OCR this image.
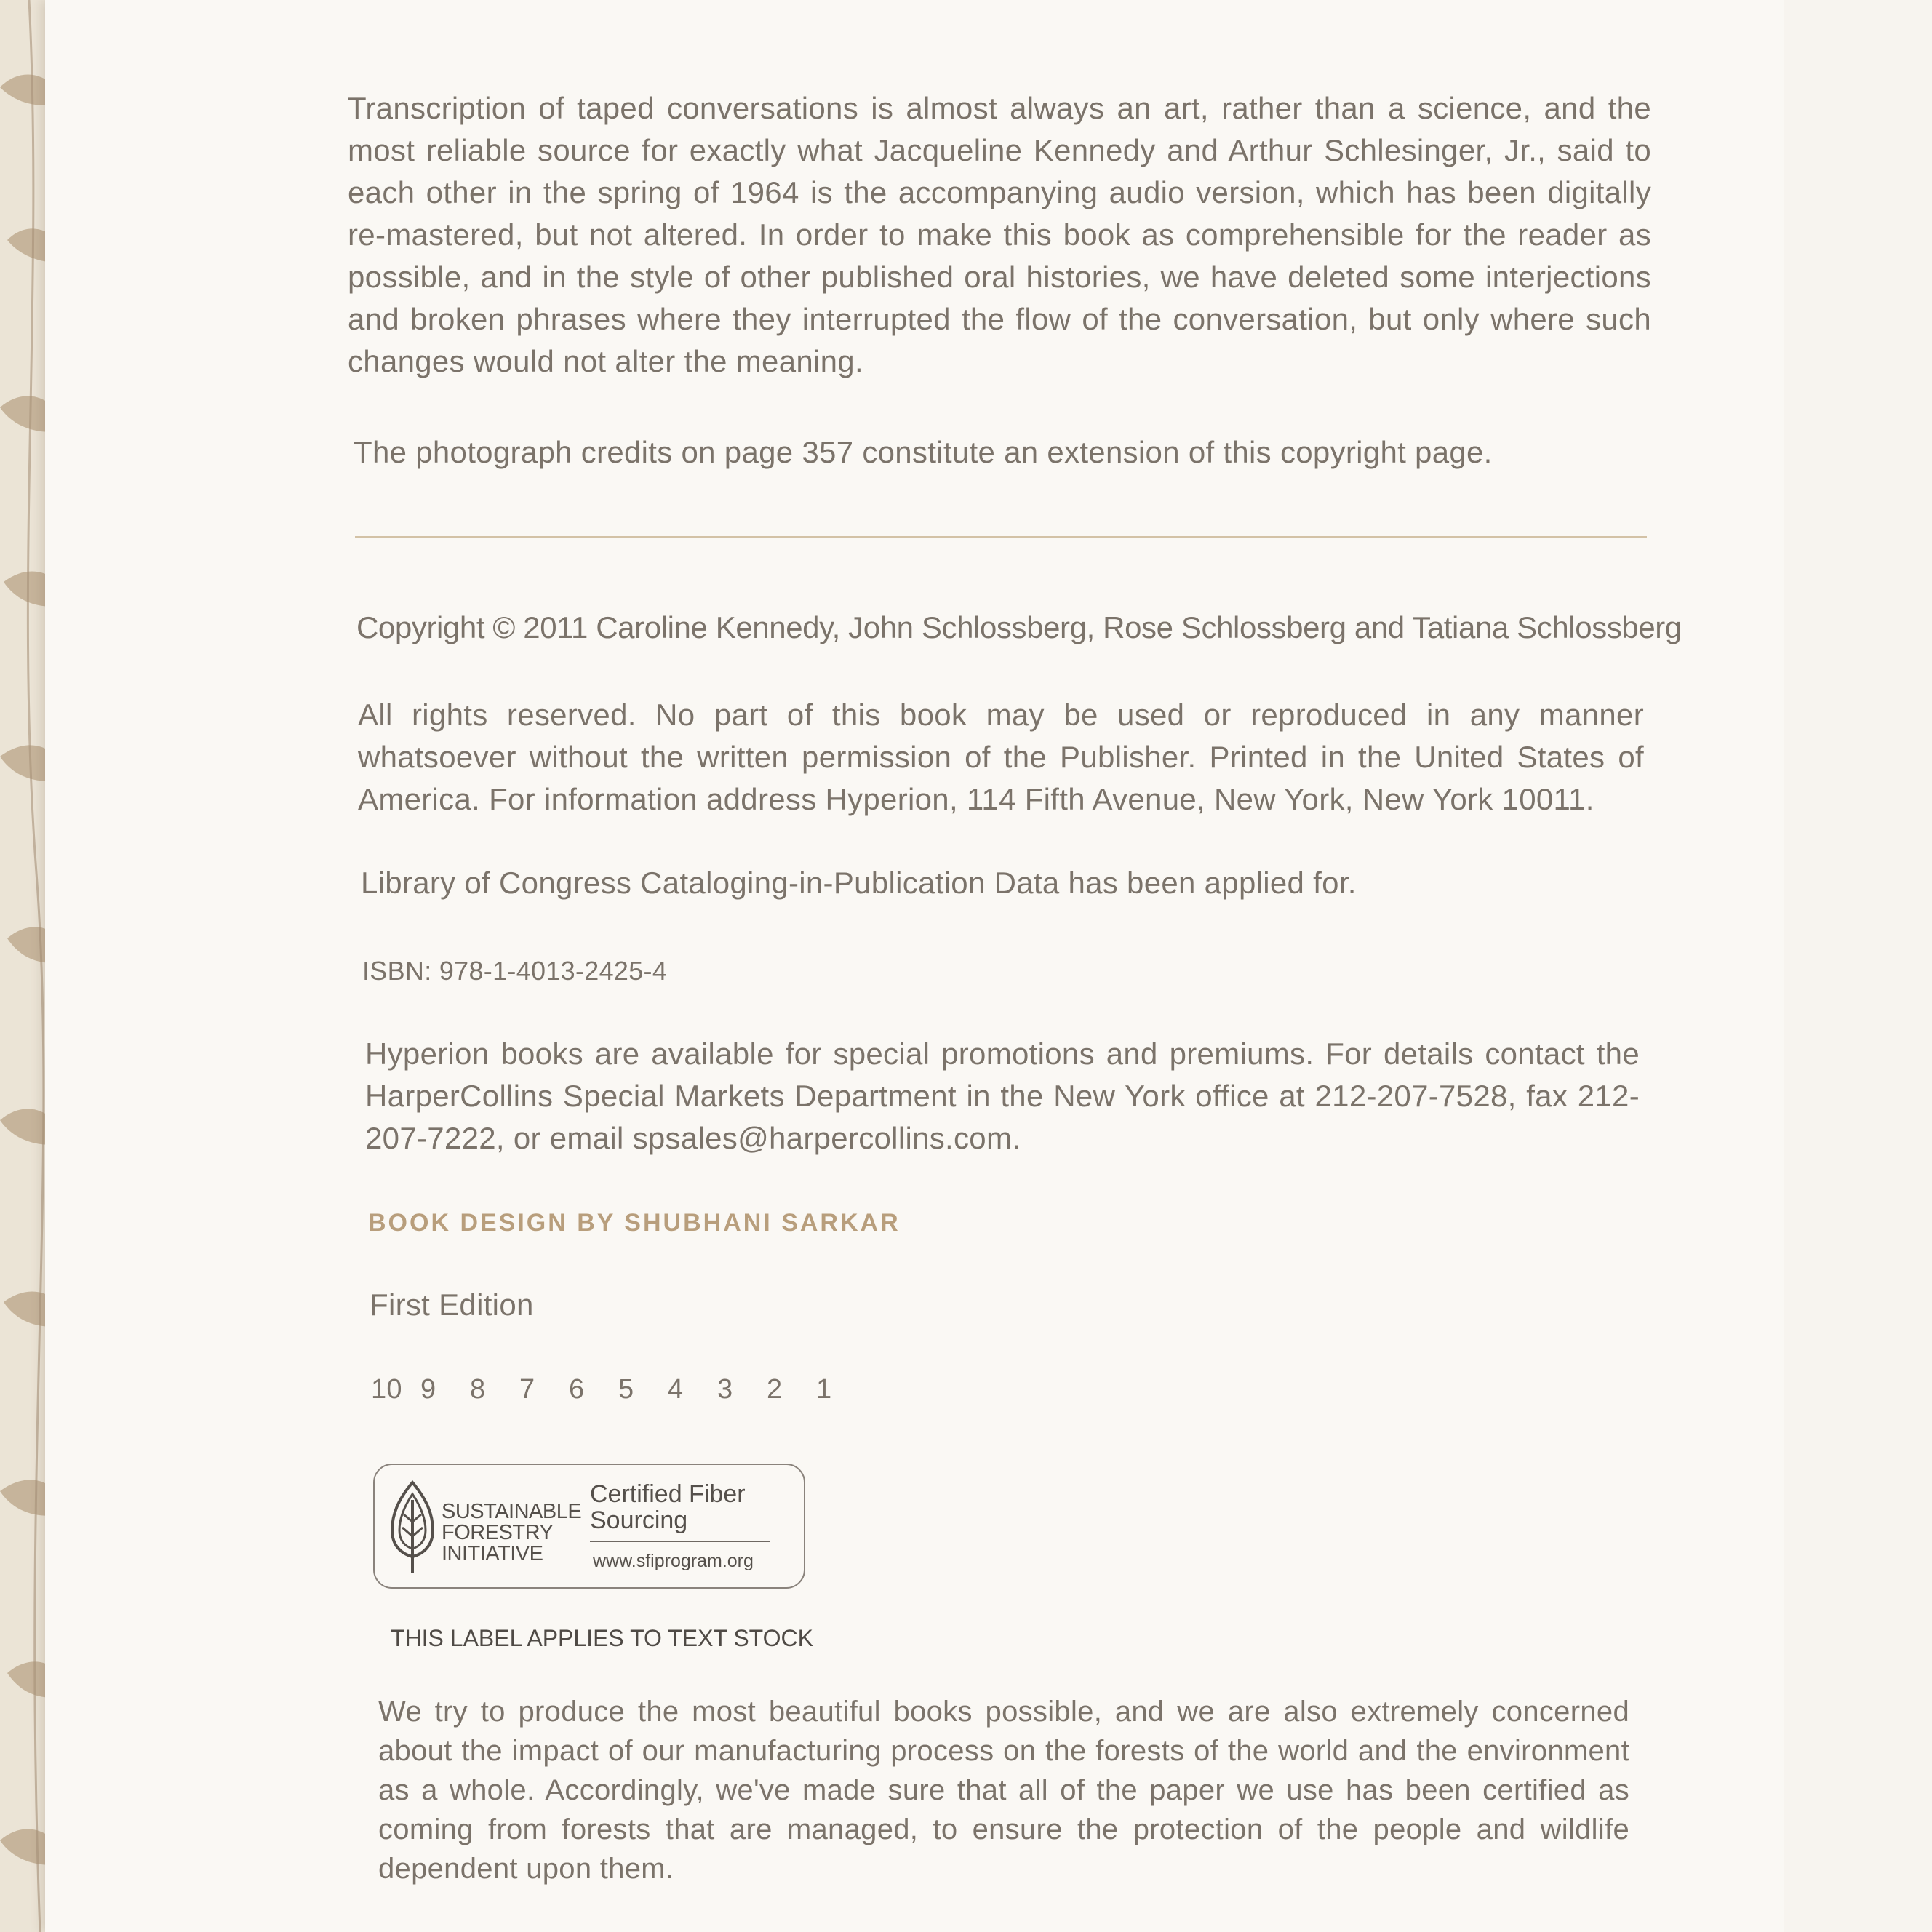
Transcription of taped conversations is almost always an art, rather than a science, and the most reliable source for exactly what Jacqueline Kennedy and Arthur Schlesinger, Jr., said to each other in the spring of 1964 is the accompanying audio version, which has been digitally re-mastered, but not altered. In order to make this book as comprehensible for the reader as possible, and in the style of other published oral histories, we have deleted some interjections and broken phrases where they interrupted the flow of the conversation, but only where such changes would not alter the meaning.

The photograph credits on page 357 constitute an extension of this copyright page.

Copyright © 2011 Caroline Kennedy, John Schlossberg, Rose Schlossberg and Tatiana Schlossberg

All rights reserved. No part of this book may be used or reproduced in any manner whatsoever without the written permission of the Publisher. Printed in the United States of America. For information address Hyperion, 114 Fifth Avenue, New York, New York 10011.

Library of Congress Cataloging-in-Publication Data has been applied for.

ISBN: 978-1-4013-2425-4

Hyperion books are available for special promotions and premiums. For details contact the HarperCollins Special Markets Department in the New York office at 212-207-7528, fax 212-207-7222, or email spsales@harpercollins.com.

BOOK DESIGN BY SHUBHANI SARKAR

First Edition

10 9 8 7 6 5 4 3 2 1

SUSTAINABLE
FORESTRY
INITIATIVE
Certified Fiber
Sourcing
www.sfiprogram.org
THIS LABEL APPLIES TO TEXT STOCK

We try to produce the most beautiful books possible, and we are also extremely concerned about the impact of our manufacturing process on the forests of the world and the environment as a whole. Accordingly, we've made sure that all of the paper we use has been certified as coming from forests that are managed, to ensure the protection of the people and wildlife dependent upon them.
